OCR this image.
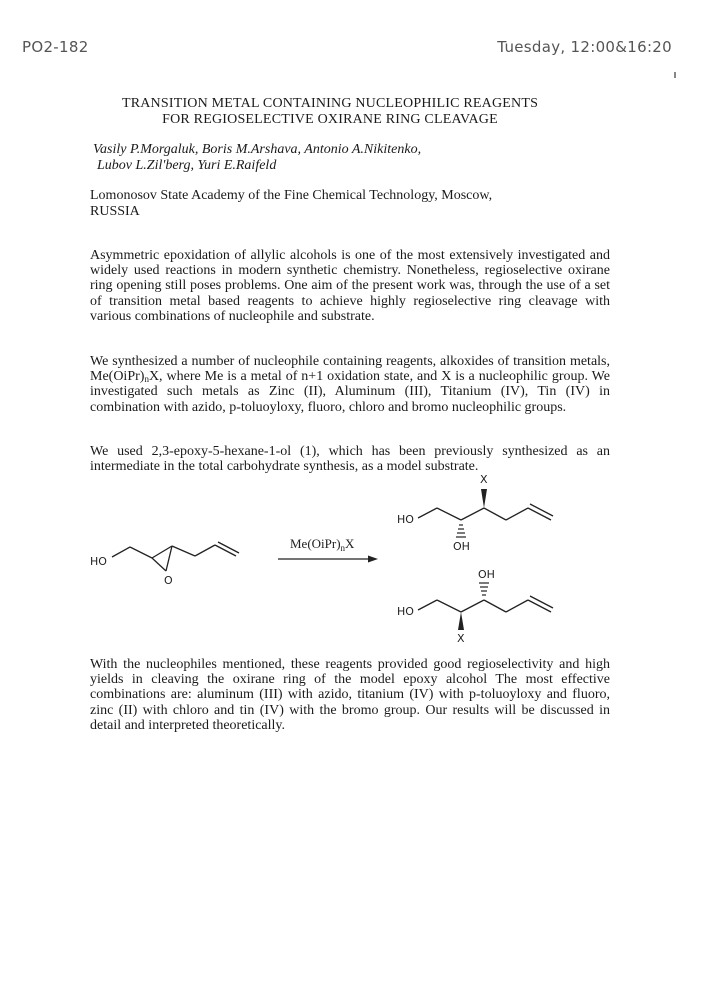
PO2-182	Tuesday, 12:00&16:20
TRANSITION METAL CONTAINING NUCLEOPHILIC REAGENTS
FOR REGIOSELECTIVE OXIRANE RING CLEAVAGE
Vasily P.Morgaluk, Boris M.Arshava, Antonio A.Nikitenko,
Lubov L.Zil'berg, Yuri E.Raifeld
Lomonosov State Academy of the Fine Chemical Technology, Moscow,
RUSSIA
Asymmetric epoxidation of allylic alcohols is one of the most extensively investigated and widely used reactions in modern synthetic chemistry. Nonetheless, regioselective oxirane ring opening still poses problems. One aim of the present work was, through the use of a set of transition metal based reagents to achieve highly regioselective ring cleavage with various combinations of nucleophile and substrate.
We synthesized a number of nucleophile containing reagents, alkoxides of transition metals, $Me(OiPr)_nX$, where Me is a metal of n+1 oxidation state, and X is a nucleophilic group. We investigated such metals as Zinc (II), Aluminum (III), Titanium (IV), Tin (IV) in combination with azido, p-toluoyloxy, fluoro, chloro and bromo nucleophilic groups.
We used 2,3-epoxy-5-hexane-1-ol (1), which has been previously synthesized as an intermediate in the total carbohydrate synthesis, as a model substrate.
HO
O
$Me(OiPr)_nX$
X
HO
OH
OH
HO
X
With the nucleophiles mentioned, these reagents provided good regioselectivity and high yields in cleaving the oxirane ring of the model epoxy alcohol The most effective combinations are: aluminum (III) with azido, titanium (IV) with p-toluoyloxy and fluoro, zinc (II) with chloro and tin (IV) with the bromo group. Our results will be discussed in detail and interpreted theoretically.
